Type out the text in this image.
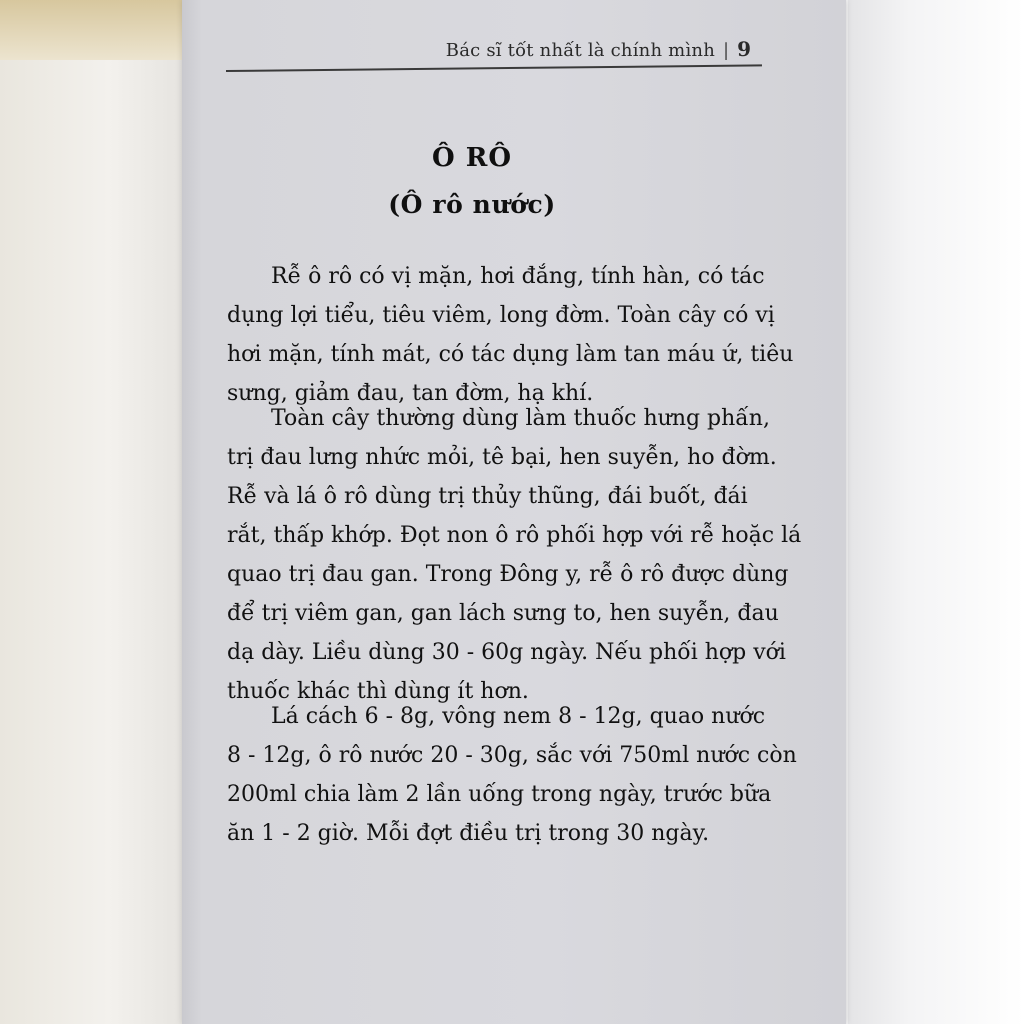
Bác sĩ tốt nhất là chính mình | 9
Ô RÔ
(Ô rô nước)
Rễ ô rô có vị mặn, hơi đắng, tính hàn, có tác
dụng lợi tiểu, tiêu viêm, long đờm. Toàn cây có vị
hơi mặn, tính mát, có tác dụng làm tan máu ứ, tiêu
sưng, giảm đau, tan đờm, hạ khí.
Toàn cây thường dùng làm thuốc hưng phấn,
trị đau lưng nhức mỏi, tê bại, hen suyễn, ho đờm.
Rễ và lá ô rô dùng trị thủy thũng, đái buốt, đái
rắt, thấp khớp. Đọt non ô rô phối hợp với rễ hoặc lá
quao trị đau gan. Trong Đông y, rễ ô rô được dùng
để trị viêm gan, gan lách sưng to, hen suyễn, đau
dạ dày. Liều dùng 30 - 60g ngày. Nếu phối hợp với
thuốc khác thì dùng ít hơn.
Lá cách 6 - 8g, vông nem 8 - 12g, quao nước
8 - 12g, ô rô nước 20 - 30g, sắc với 750ml nước còn
200ml chia làm 2 lần uống trong ngày, trước bữa
ăn 1 - 2 giờ. Mỗi đợt điều trị trong 30 ngày.
